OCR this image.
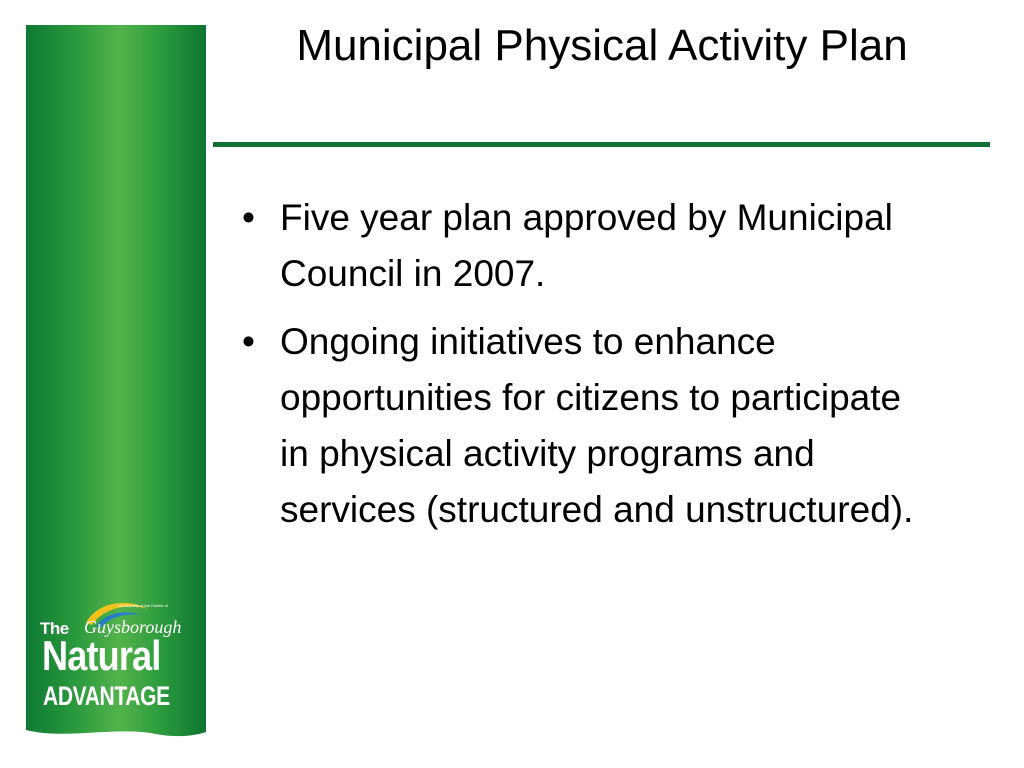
Municipality of the District of
The Guysborough
Natural
ADVANTAGE
Municipal Physical Activity Plan
• Five year plan approved by Municipal Council in 2007.
• Ongoing initiatives to enhance opportunities for citizens to participate in physical activity programs and services (structured and unstructured).
